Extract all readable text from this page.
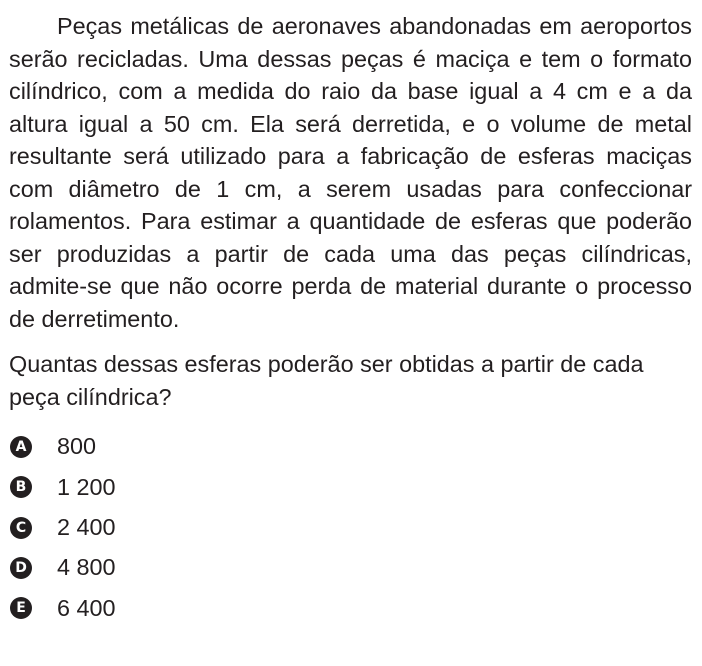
Peças metálicas de aeronaves abandonadas em aeroportos serão recicladas. Uma dessas peças é maciça e tem o formato cilíndrico, com a medida do raio da base igual a 4 cm e a da altura igual a 50 cm. Ela será derretida, e o volume de metal resultante será utilizado para a fabricação de esferas maciças com diâmetro de 1 cm, a serem usadas para confeccionar rolamentos. Para estimar a quantidade de esferas que poderão ser produzidas a partir de cada uma das peças cilíndricas, admite-se que não ocorre perda de material durante o processo de derretimento.

Quantas dessas esferas poderão ser obtidas a partir de cada peça cilíndrica?

A 800
B 1 200
C 2 400
D 4 800
E 6 400
